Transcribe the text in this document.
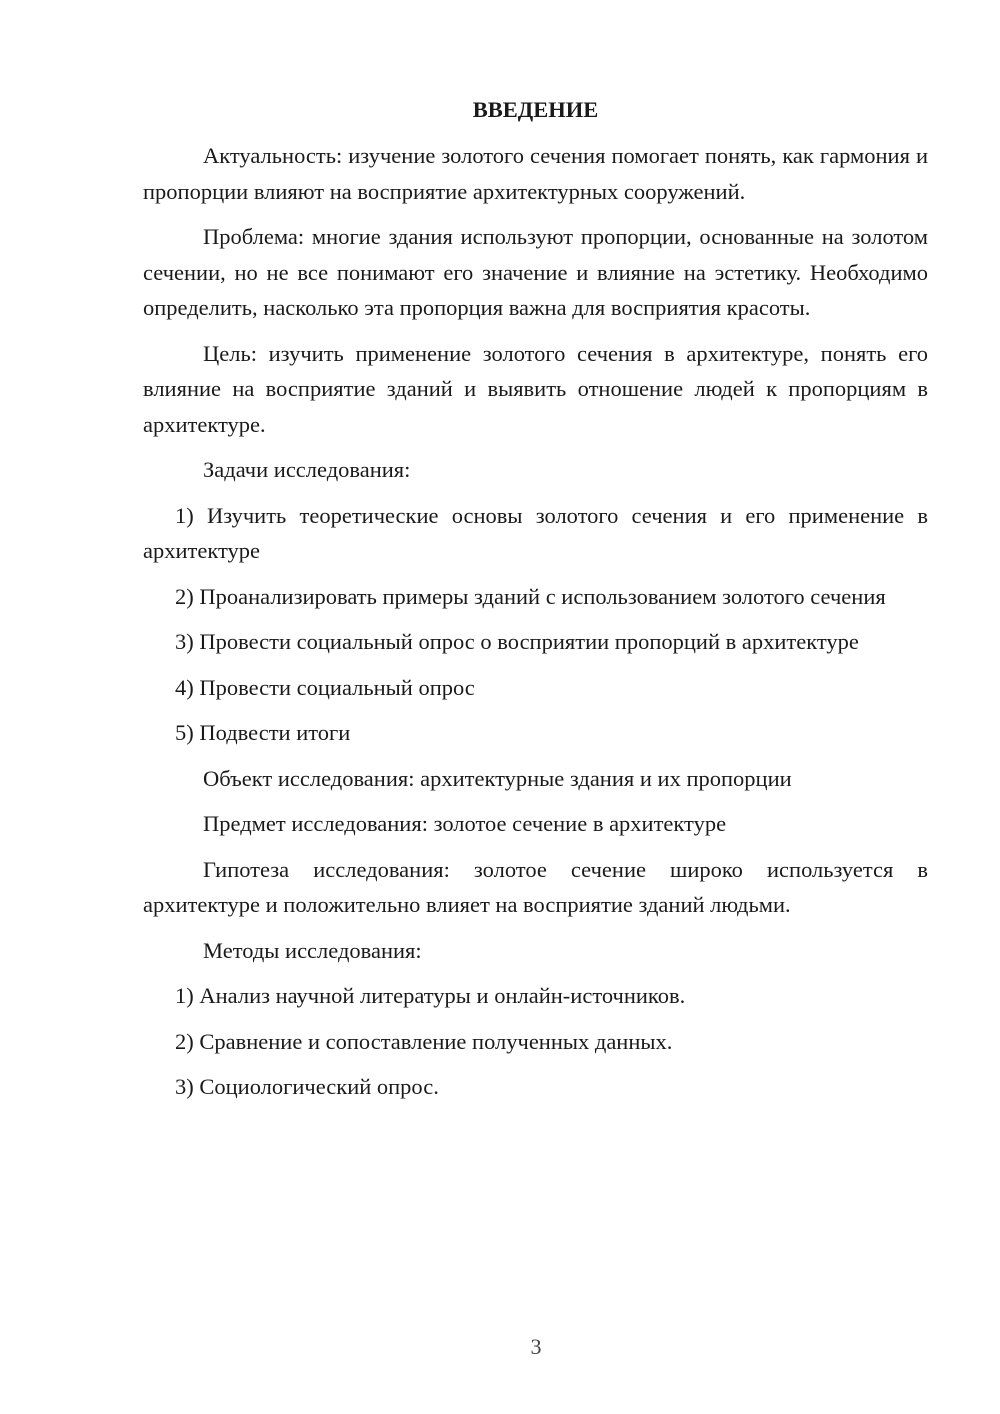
ВВЕДЕНИЕ

Актуальность: изучение золотого сечения помогает понять, как гармония и пропорции влияют на восприятие архитектурных сооружений.

Проблема: многие здания используют пропорции, основанные на золотом сечении, но не все понимают его значение и влияние на эстетику. Необходимо определить, насколько эта пропорция важна для восприятия красоты.

Цель: изучить применение золотого сечения в архитектуре, понять его влияние на восприятие зданий и выявить отношение людей к пропорциям в архитектуре.

Задачи исследования:

1) Изучить теоретические основы золотого сечения и его применение в архитектуре

2) Проанализировать примеры зданий с использованием золотого сечения

3) Провести социальный опрос о восприятии пропорций в архитектуре

4) Провести социальный опрос

5) Подвести итоги

Объект исследования: архитектурные здания и их пропорции

Предмет исследования: золотое сечение в архитектуре

Гипотеза исследования: золотое сечение широко используется в архитектуре и положительно влияет на восприятие зданий людьми.

Методы исследования:

1) Анализ научной литературы и онлайн-источников.

2) Сравнение и сопоставление полученных данных.

3) Социологический опрос.

3
